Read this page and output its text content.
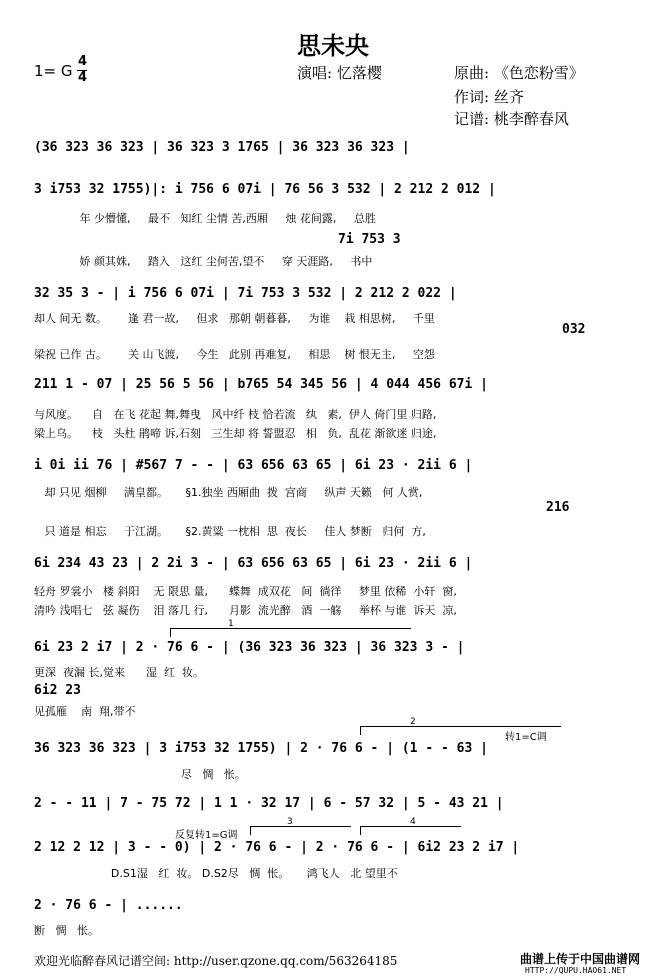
思未央
1= G
4
4	演唱: 忆落樱	原曲: 《色恋粉雪》
作词: 丝齐
记谱: 桃李醉春风
(36 323 36 323 | 36 323 3 1765 | 36 323 36 323 |
3 i753 32 1755)|: i 756 6 07i | 76 56 3 532 | 2 212 2 012 |
年 少懵懂,     最不   知红 尘情 苦,西厢     烛 花间露,     总胜
7i 753 3
娇 颜其姝,     踏入   这红 尘何苦,望不     穿 天涯路,     书中
32 35 3 - | i 756 6 07i | 7i 753 3 532 | 2 212 2 022 |
却人 间无 数。      逢 君一故,     但求   那朝 朝暮暮,     为谁    栽 相思树,     千里
032
梁祝 已作 古。      关 山飞渡,     今生   此别 再难复,     相思    树 恨无主,     空怨
211 1 - 07 | 25 56 5 56 | b765 54 345 56 | 4 044 456 67i |
与风度。    自   在飞 花起 舞,舞曳   风中纤 枝 恰若流   纨   素,  伊人 倚门里 归路,
梁上乌。    枝   头杜 鹃啼 诉,石刻   三生却 将 誓盟忍   相   负,  乱花 渐欲迷 归途,
i 0i ii 76 | #567 7 - - | 63 656 63 65 | 6i 23 · 2ii 6 |
却 只见 烟柳     满皇都。     §1.独坐 西厢曲  拨  宫商     纵声 天籁   何 人赏,
216
只 道是 相忘     于江湖。     §2.黄粱 一枕相  思  夜长     佳人 梦断   归何  方,
6i 234 43 23 | 2 2i 3 - | 63 656 63 65 | 6i 23 · 2ii 6 |
轻舟 罗裳小   楼 斜阳    无 限思 量,      蝶舞  成双花   间  徜徉     梦里 依稀  小轩  窗,
清吟 浅唱七   弦 凝伤    泪 落几 行,      月影  流光醉   酒  一觞     举杯 与谁  诉天  凉,
1
6i 23 2 i7 | 2 · 76 6 - | (36 323 36 323 | 36 323 3 - |
更深  夜漏 长,觉来      湿  红  妆。
6i2 23
见孤雁    南  翔,带不
2
转1=C调
36 323 36 323 | 3 i753 32 1755) | 2 · 76 6 - | (1 - - 63 |
尽   惆   怅。
2 - - 11 | 7 - 75 72 | 1 1 · 32 17 | 6 - 57 32 | 5 - 43 21 |
反复转1=G调
3	4
2 12 2 12 | 3 - - 0) | 2 · 76 6 - | 2 · 76 6 - | 6i2 23 2 i7 |
D.S1湿   红  妆。 D.S2尽   惆  怅。     鸿飞人   北 望里不
2 · 76 6 - | ......
断   惆   怅。
欢迎光临醉春风记谱空间: http://user.qzone.qq.com/563264185	曲谱上传于中国曲谱网
HTTP://QUPU.HAO61.NET
